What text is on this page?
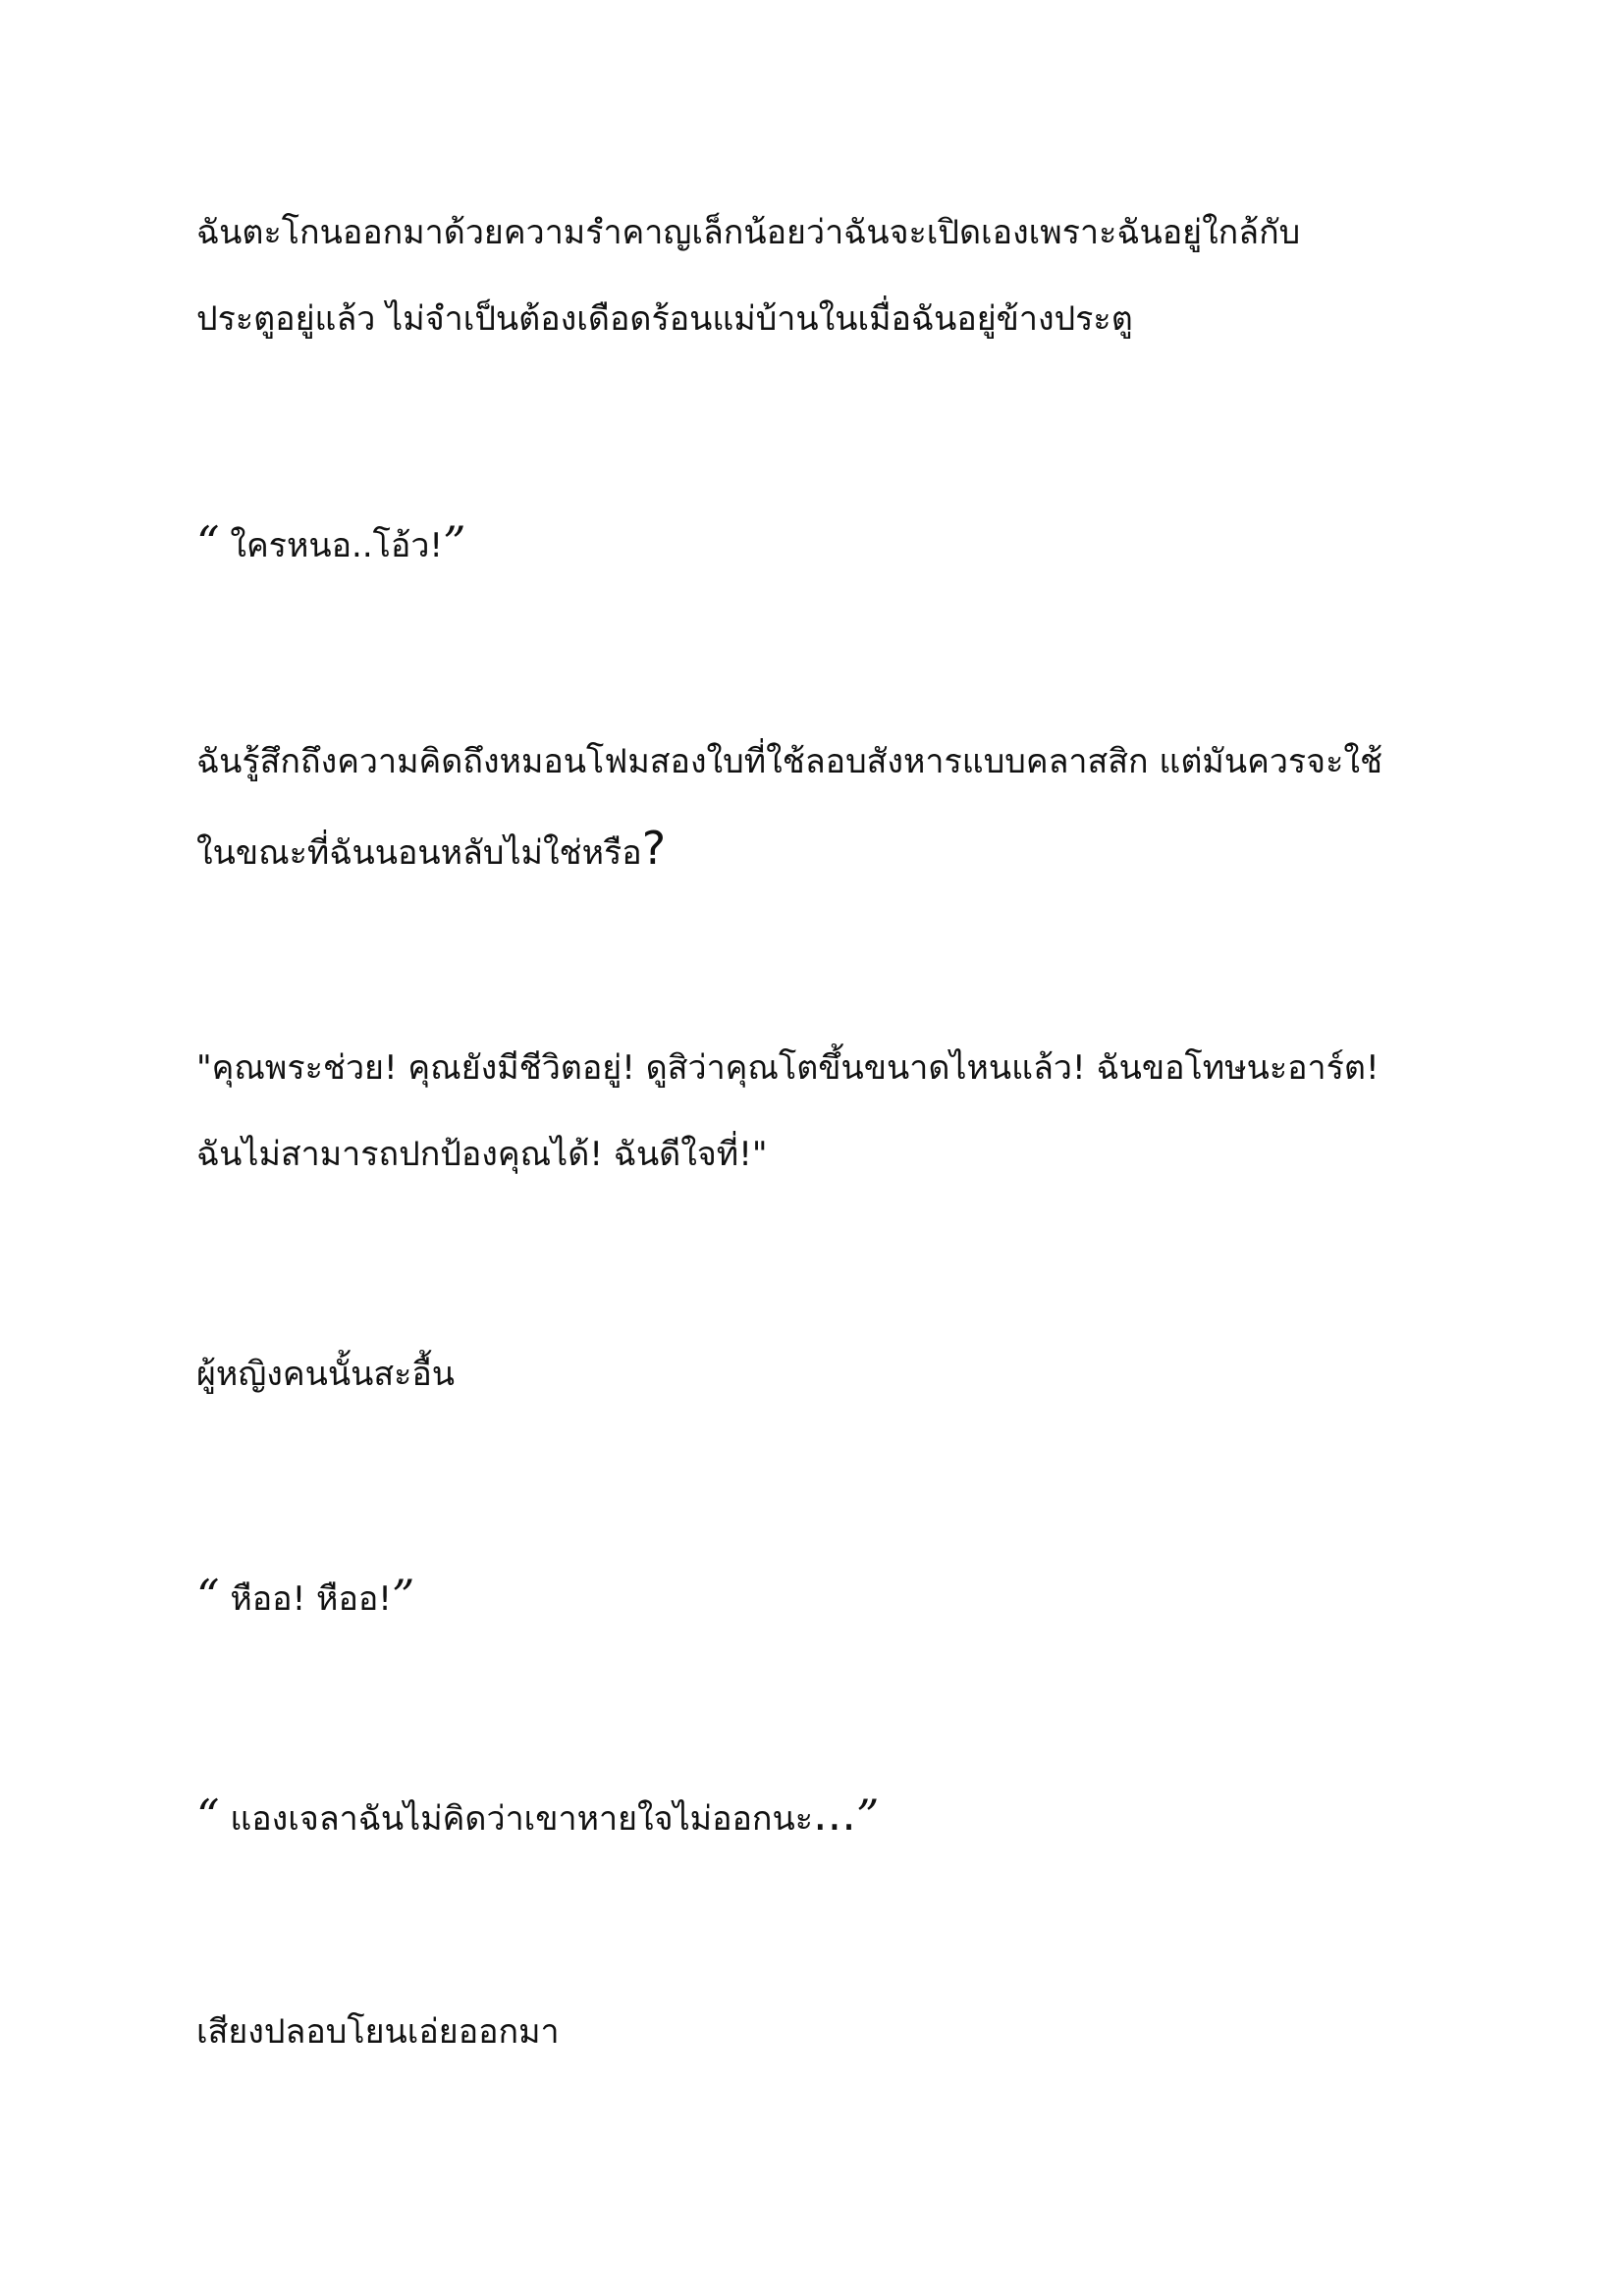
ฉันตะโกนออกมาด้วยความรำคาญเล็กน้อยว่าฉันจะเปิดเองเพราะฉันอยู่ใกล้กับ
ประตูอยู่แล้ว ไม่จำเป็นต้องเดือดร้อนแม่บ้านในเมื่อฉันอยู่ข้างประตู
“ ใครหนอ..โอ้ว!”
ฉันรู้สึกถึงความคิดถึงหมอนโฟมสองใบที่ใช้ลอบสังหารแบบคลาสสิก แต่มันควรจะใช้
ในขณะที่ฉันนอนหลับไม่ใช่หรือ?
"คุณพระช่วย! คุณยังมีชีวิตอยู่! ดูสิว่าคุณโตขึ้นขนาดไหนแล้ว! ฉันขอโทษนะอาร์ต!
ฉันไม่สามารถปกป้องคุณได้! ฉันดีใจที่!"
ผู้หญิงคนนั้นสะอื้น
“ หืออ! หืออ!”
“ แองเจลาฉันไม่คิดว่าเขาหายใจไม่ออกนะ...”
เสียงปลอบโยนเอ่ยออกมา
